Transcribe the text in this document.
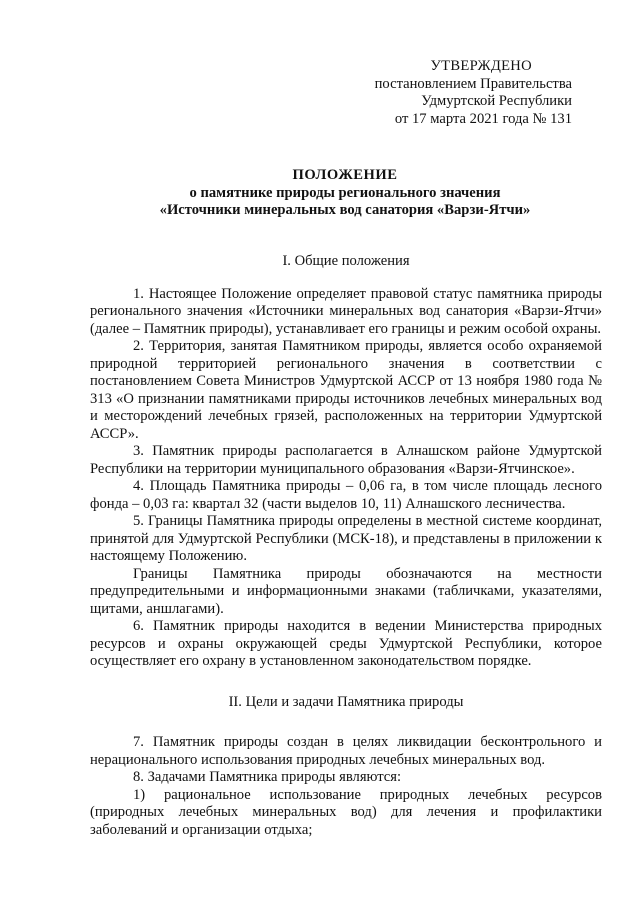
УТВЕРЖДЕНО
постановлением Правительства
Удмуртской Республики
от 17 марта 2021 года № 131
ПОЛОЖЕНИЕ
о памятнике природы регионального значения
«Источники минеральных вод санатория «Варзи-Ятчи»
I. Общие положения

1. Настоящее Положение определяет правовой статус памятника природы регионального значения «Источники минеральных вод санатория «Варзи-Ятчи» (далее – Памятник природы), устанавливает его границы и режим особой охраны.

2. Территория, занятая Памятником природы, является особо охраняемой природной территорией регионального значения в соответствии с постановлением Совета Министров Удмуртской АССР от 13 ноября 1980 года № 313 «О признании памятниками природы источников лечебных минеральных вод и месторождений лечебных грязей, расположенных на территории Удмуртской АССР».

3. Памятник природы располагается в Алнашском районе Удмуртской Республики на территории муниципального образования «Варзи-Ятчинское».

4. Площадь Памятника природы – 0,06 га, в том числе площадь лесного фонда – 0,03 га: квартал 32 (части выделов 10, 11) Алнашского лесничества.

5. Границы Памятника природы определены в местной системе координат, принятой для Удмуртской Республики (МСК-18), и представлены в приложении к настоящему Положению.

Границы Памятника природы обозначаются на местности предупредительными и информационными знаками (табличками, указателями, щитами, аншлагами).

6. Памятник природы находится в ведении Министерства природных ресурсов и охраны окружающей среды Удмуртской Республики, которое осуществляет его охрану в установленном законодательством порядке.

II. Цели и задачи Памятника природы

7. Памятник природы создан в целях ликвидации бесконтрольного и нерационального использования природных лечебных минеральных вод.

8. Задачами Памятника природы являются:

1) рациональное использование природных лечебных ресурсов (природных лечебных минеральных вод) для лечения и профилактики заболеваний и организации отдыха;
